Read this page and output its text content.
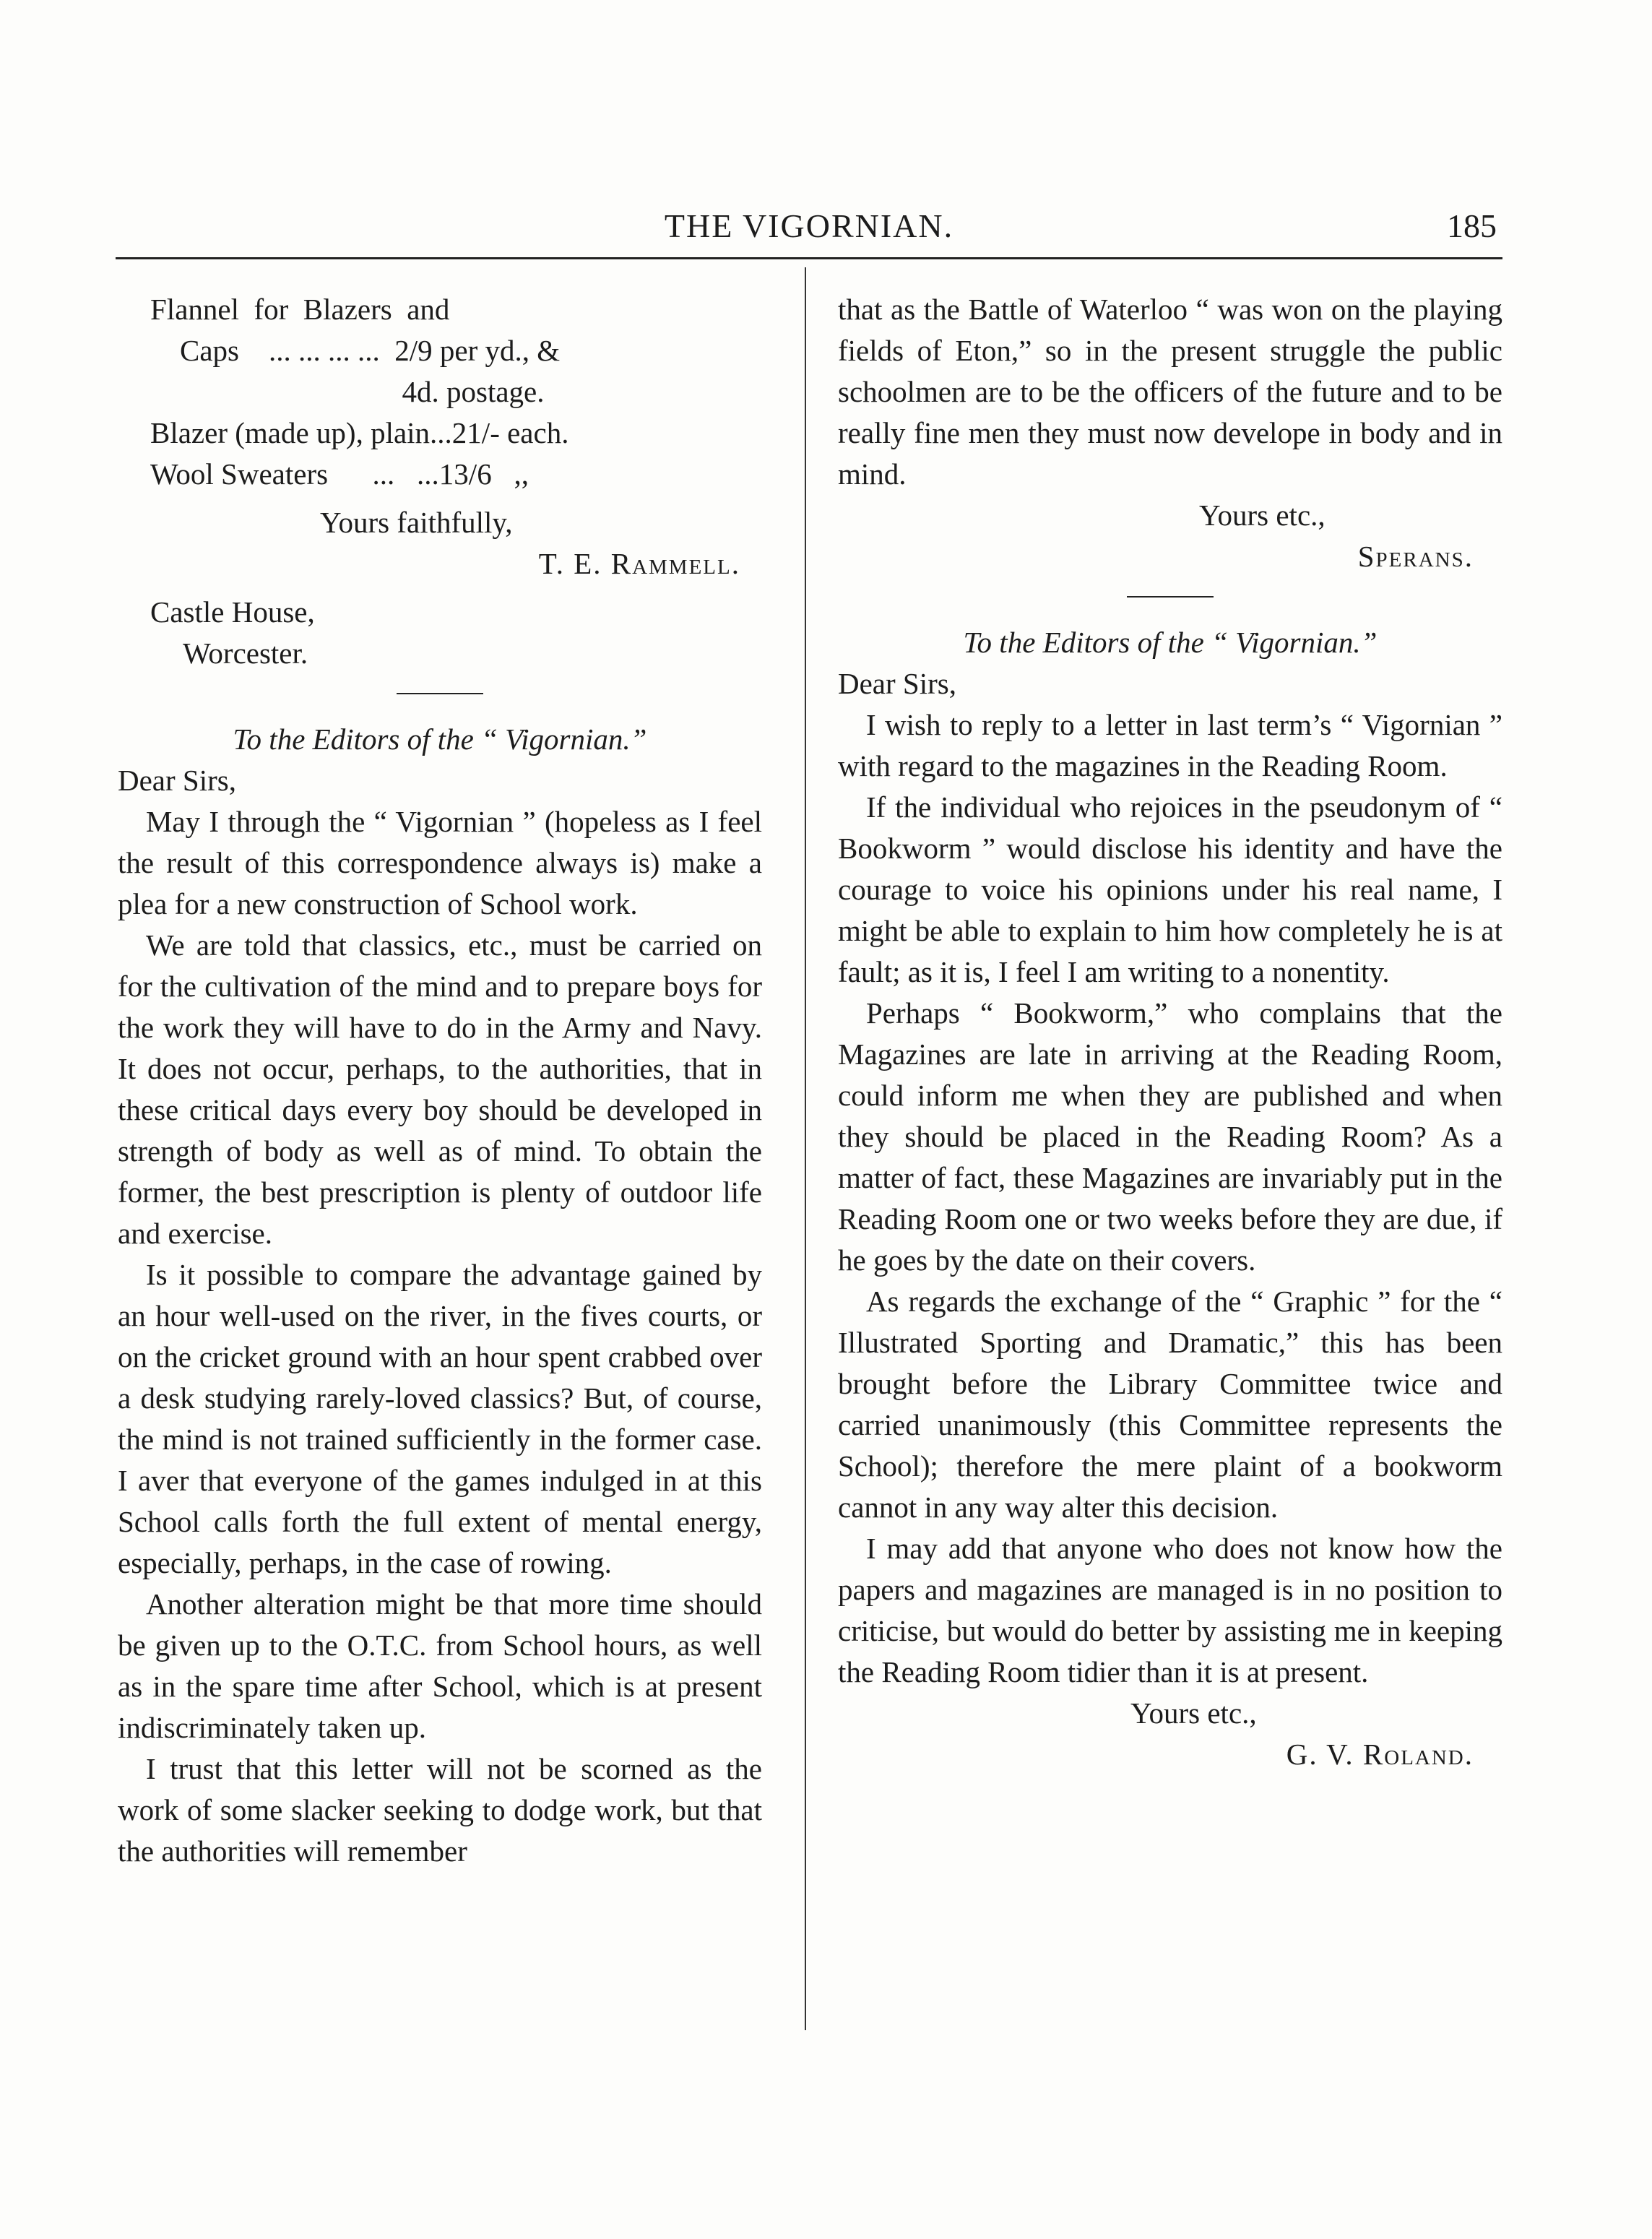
THE VIGORNIAN.	185
Flannel  for  Blazers  and
Caps    ... ... ... ...  2/9 per yd., &
4d. postage.
Blazer (made up), plain...21/- each.
Wool Sweaters      ...   ...13/6   ,,
Yours faithfully,
T. E. Rammell.
Castle House,
Worcester.
To the Editors of the “ Vigornian.”
Dear Sirs,

May I through the “ Vigornian ” (hopeless as I feel the result of this correspondence always is) make a plea for a new construction of School work.

We are told that classics, etc., must be carried on for the cultivation of the mind and to prepare boys for the work they will have to do in the Army and Navy. It does not occur, perhaps, to the authorities, that in these critical days every boy should be developed in strength of body as well as of mind. To obtain the former, the best prescription is plenty of outdoor life and exercise.

Is it possible to compare the advantage gained by an hour well-used on the river, in the fives courts, or on the cricket ground with an hour spent crabbed over a desk studying rarely-loved classics? But, of course, the mind is not trained sufficiently in the former case. I aver that everyone of the games indulged in at this School calls forth the full extent of mental energy, especially, perhaps, in the case of rowing.

Another alteration might be that more time should be given up to the O.T.C. from School hours, as well as in the spare time after School, which is at present indiscriminately taken up.

I trust that this letter will not be scorned as the work of some slacker seeking to dodge work, but that the authorities will remember

that as the Battle of Waterloo “ was won on the playing fields of Eton,” so in the present struggle the public schoolmen are to be the officers of the future and to be really fine men they must now develope in body and in mind.

Yours etc.,
Sperans.
To the Editors of the “ Vigornian.”
Dear Sirs,

I wish to reply to a letter in last term’s “ Vigornian ” with regard to the magazines in the Reading Room.

If the individual who rejoices in the pseudonym of “ Bookworm ” would disclose his identity and have the courage to voice his opinions under his real name, I might be able to explain to him how completely he is at fault; as it is, I feel I am writing to a nonentity.

Perhaps “ Bookworm,” who complains that the Magazines are late in arriving at the Reading Room, could inform me when they are published and when they should be placed in the Reading Room? As a matter of fact, these Magazines are invariably put in the Reading Room one or two weeks before they are due, if he goes by the date on their covers.

As regards the exchange of the “ Graphic ” for the “ Illustrated Sporting and Dramatic,” this has been brought before the Library Committee twice and carried unanimously (this Committee represents the School); therefore the mere plaint of a bookworm cannot in any way alter this decision.

I may add that anyone who does not know how the papers and magazines are managed is in no position to criticise, but would do better by assisting me in keeping the Reading Room tidier than it is at present.

Yours etc.,
G. V. Roland.
